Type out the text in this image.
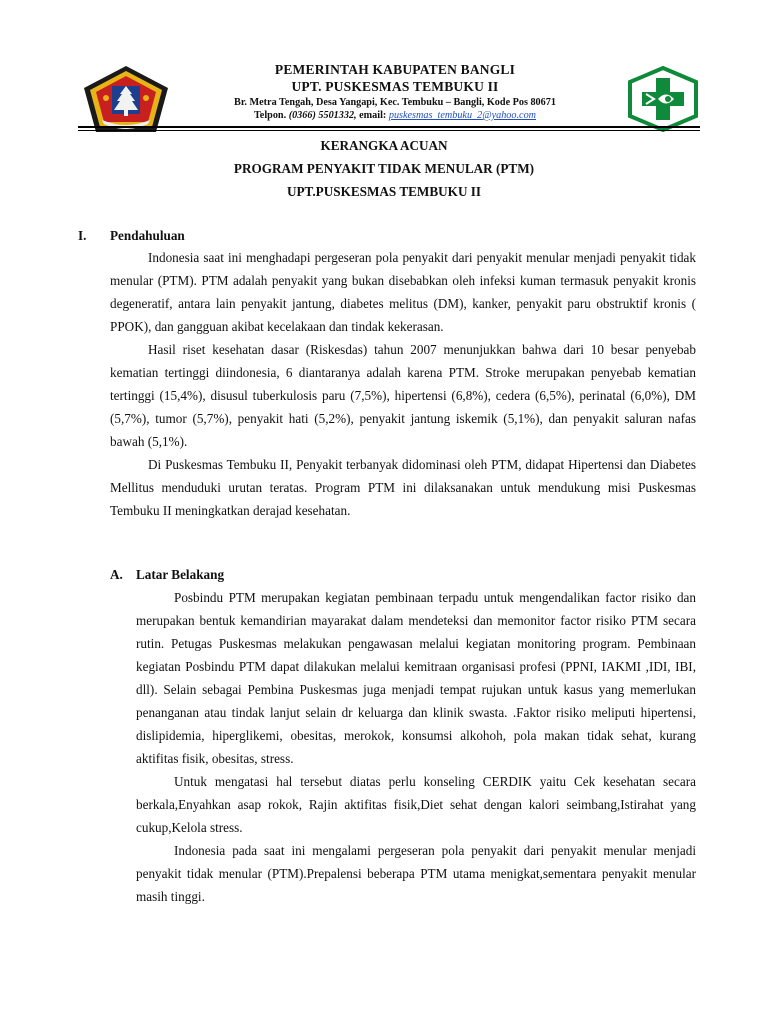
PEMERINTAH KABUPATEN BANGLI
UPT. PUSKESMAS TEMBUKU II
Br. Metra Tengah, Desa Yangapi, Kec. Tembuku – Bangli, Kode Pos 80671
Telpon. (0366) 5501332, email: puskesmas_tembuku_2@yahoo.com
KERANGKA ACUAN
PROGRAM PENYAKIT TIDAK MENULAR (PTM)
UPT.PUSKESMAS TEMBUKU II
I. Pendahuluan

Indonesia saat ini menghadapi pergeseran pola penyakit dari penyakit menular menjadi penyakit tidak menular (PTM). PTM adalah penyakit yang bukan disebabkan oleh infeksi kuman termasuk penyakit kronis degeneratif, antara lain penyakit jantung, diabetes melitus (DM), kanker, penyakit paru obstruktif kronis ( PPOK), dan gangguan akibat kecelakaan dan tindak kekerasan.

Hasil riset kesehatan dasar (Riskesdas) tahun 2007 menunjukkan bahwa dari 10 besar penyebab kematian tertinggi diindonesia, 6 diantaranya adalah karena PTM. Stroke merupakan penyebab kematian tertinggi (15,4%), disusul tuberkulosis paru (7,5%), hipertensi (6,8%), cedera (6,5%), perinatal (6,0%), DM (5,7%), tumor (5,7%), penyakit hati (5,2%), penyakit jantung iskemik (5,1%), dan penyakit saluran nafas bawah (5,1%).

Di Puskesmas Tembuku II, Penyakit terbanyak didominasi oleh PTM, didapat Hipertensi dan Diabetes Mellitus menduduki urutan teratas. Program PTM ini dilaksanakan untuk mendukung misi Puskesmas Tembuku II meningkatkan derajad kesehatan.

A. Latar Belakang

Posbindu PTM merupakan kegiatan pembinaan terpadu untuk mengendalikan factor risiko dan merupakan bentuk kemandirian mayarakat dalam mendeteksi dan memonitor factor risiko PTM secara rutin. Petugas Puskesmas melakukan pengawasan melalui kegiatan monitoring program. Pembinaan kegiatan Posbindu PTM dapat dilakukan melalui kemitraan organisasi profesi (PPNI, IAKMI ,IDI, IBI, dll). Selain sebagai Pembina Puskesmas juga menjadi tempat rujukan untuk kasus yang memerlukan penanganan atau tindak lanjut selain dr keluarga dan klinik swasta. .Faktor risiko meliputi hipertensi, dislipidemia, hiperglikemi, obesitas, merokok, konsumsi alkohoh, pola makan tidak sehat, kurang aktifitas fisik, obesitas, stress.

Untuk mengatasi hal tersebut diatas perlu konseling CERDIK yaitu Cek kesehatan secara berkala,Enyahkan asap rokok, Rajin aktifitas fisik,Diet sehat dengan kalori seimbang,Istirahat yang cukup,Kelola stress.

Indonesia pada saat ini mengalami pergeseran pola penyakit dari penyakit menular menjadi penyakit tidak menular (PTM).Prepalensi beberapa PTM utama menigkat,sementara penyakit menular masih tinggi.
